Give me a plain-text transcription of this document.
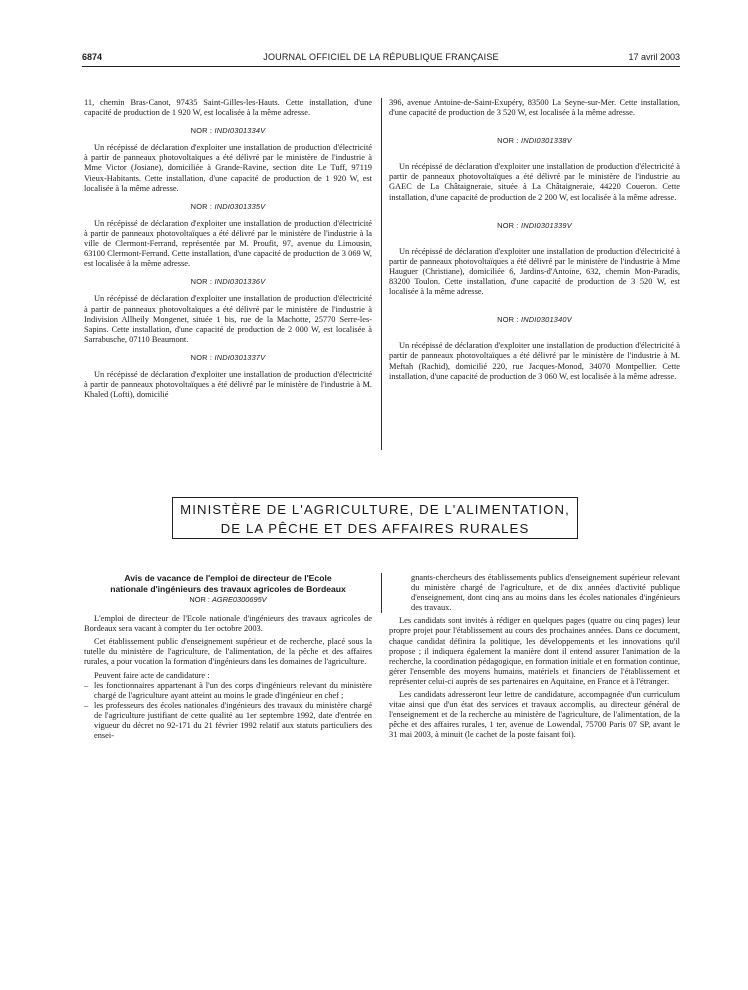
6874	JOURNAL OFFICIEL DE LA RÉPUBLIQUE FRANÇAISE	17 avril 2003

11, chemin Bras-Canot, 97435 Saint-Gilles-les-Hauts. Cette installation, d'une capacité de production de 1 920 W, est localisée à la même adresse.

NOR : INDI0301334V

Un récépissé de déclaration d'exploiter une installation de production d'électricité à partir de panneaux photovoltaïques a été délivré par le ministère de l'industrie à Mme Victor (Josiane), domiciliée à Grande-Ravine, section dite Le Tuff, 97119 Vieux-Habitants. Cette installation, d'une capacité de production de 1 920 W, est localisée à la même adresse.

NOR : INDI0301335V

Un récépissé de déclaration d'exploiter une installation de production d'électricité à partir de panneaux photovoltaïques a été délivré par le ministère de l'industrie à la ville de Clermont-Ferrand, représentée par M. Proufit, 97, avenue du Limousin, 63100 Clermont-Ferrand. Cette installation, d'une capacité de production de 3 069 W, est localisée à la même adresse.

NOR : INDI0301336V

Un récépissé de déclaration d'exploiter une installation de production d'électricité à partir de panneaux photovoltaïques a été délivré par le ministère de l'industrie à Indivision Allheily Mongenet, située 1 bis, rue de la Machotte, 25770 Serre-les-Sapins. Cette installation, d'une capacité de production de 2 000 W, est localisée à Sarrabusche, 07110 Beaumont.

NOR : INDI0301337V

Un récépissé de déclaration d'exploiter une installation de production d'électricité à partir de panneaux photovoltaïques a été délivré par le ministère de l'industrie à M. Khaled (Lofti), domicilié

396, avenue Antoine-de-Saint-Exupéry, 83500 La Seyne-sur-Mer. Cette installation, d'une capacité de production de 3 520 W, est localisée à la même adresse.

NOR : INDI0301338V

Un récépissé de déclaration d'exploiter une installation de production d'électricité à partir de panneaux photovoltaïques a été délivré par le ministère de l'industrie au GAEC de La Châtaigneraie, située à La Châtaigneraie, 44220 Coueron. Cette installation, d'une capacité de production de 2 200 W, est localisée à la même adresse.

NOR : INDI0301339V

Un récépissé de déclaration d'exploiter une installation de production d'électricité à partir de panneaux photovoltaïques a été délivré par le ministère de l'industrie à Mme Hauguer (Christiane), domiciliée 6, Jardins-d'Antoine, 632, chemin Mon-Paradis, 83200 Toulon. Cette installation, d'une capacité de production de 3 520 W, est localisée à la même adresse.

NOR : INDI0301340V

Un récépissé de déclaration d'exploiter une installation de production d'électricité à partir de panneaux photovoltaïques a été délivré par le ministère de l'industrie à M. Meftah (Rachid), domicilié 220, rue Jacques-Monod, 34070 Montpellier. Cette installation, d'une capacité de production de 3 060 W, est localisée à la même adresse.

MINISTÈRE DE L'AGRICULTURE, DE L'ALIMENTATION,
DE LA PÊCHE ET DES AFFAIRES RURALES
Avis de vacance de l'emploi de directeur de l'Ecole
nationale d'ingénieurs des travaux agricoles de Bordeaux
NOR : AGRE0300695V

L'emploi de directeur de l'Ecole nationale d'ingénieurs des travaux agricoles de Bordeaux sera vacant à compter du 1er octobre 2003.

Cet établissement public d'enseignement supérieur et de recherche, placé sous la tutelle du ministère de l'agriculture, de l'alimentation, de la pêche et des affaires rurales, a pour vocation la formation d'ingénieurs dans les domaines de l'agriculture.

Peuvent faire acte de candidature :

– les fonctionnaires appartenant à l'un des corps d'ingénieurs relevant du ministère chargé de l'agriculture ayant atteint au moins le grade d'ingénieur en chef ;
– les professeurs des écoles nationales d'ingénieurs des travaux du ministère chargé de l'agriculture justifiant de cette qualité au 1er septembre 1992, date d'entrée en vigueur du décret no 92-171 du 21 février 1992 relatif aux statuts particuliers des ensei-

gnants-chercheurs des établissements publics d'enseignement supérieur relevant du ministère chargé de l'agriculture, et de dix années d'activité publique d'enseignement, dont cinq ans au moins dans les écoles nationales d'ingénieurs des travaux.

Les candidats sont invités à rédiger en quelques pages (quatre ou cinq pages) leur propre projet pour l'établissement au cours des prochaines années. Dans ce document, chaque candidat définira la politique, les développements et les innovations qu'il propose ; il indiquera également la manière dont il entend assurer l'animation de la recherche, la coordination pédagogique, en formation initiale et en formation continue, gérer l'ensemble des moyens humains, matériels et financiers de l'établissement et représenter celui-ci auprès de ses partenaires en Aquitaine, en France et à l'étranger.

Les candidats adresseront leur lettre de candidature, accompagnée d'un curriculum vitae ainsi que d'un état des services et travaux accomplis, au directeur général de l'enseignement et de la recherche au ministère de l'agriculture, de l'alimentation, de la pêche et des affaires rurales, 1 ter, avenue de Lowendal, 75700 Paris 07 SP, avant le 31 mai 2003, à minuit (le cachet de la poste faisant foi).
